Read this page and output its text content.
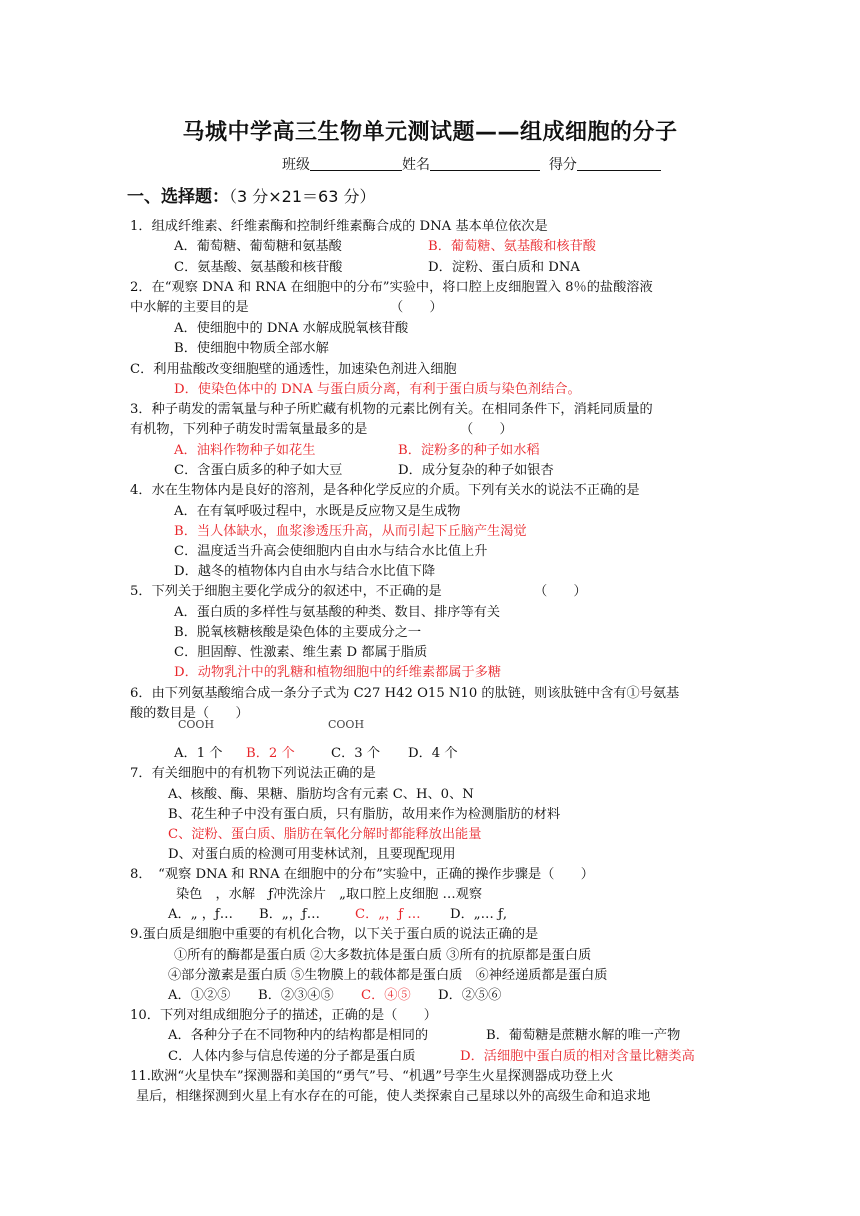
马城中学高三生物单元测试题——组成细胞的分子
班级	姓名	得分
一、选择题：（3 分×21＝63 分）
1．组成纤维素、纤维素酶和控制纤维素酶合成的 DNA 基本单位依次是
A．葡萄糖、葡萄糖和氨基酸	B．葡萄糖、氨基酸和核苷酸
C．氨基酸、氨基酸和核苷酸	D．淀粉、蛋白质和 DNA
2．在“观察 DNA 和 RNA 在细胞中的分布”实验中，将口腔上皮细胞置入 8％的盐酸溶液
中水解的主要目的是	（　　）
A．使细胞中的 DNA 水解成脱氧核苷酸
B．使细胞中物质全部水解
C．利用盐酸改变细胞壁的通透性，加速染色剂进入细胞
D．使染色体中的 DNA 与蛋白质分离，有利于蛋白质与染色剂结合。
3．种子萌发的需氧量与种子所贮藏有机物的元素比例有关。在相同条件下，消耗同质量的
有机物，下列种子萌发时需氧量最多的是	（　　）
A．油料作物种子如花生	B．淀粉多的种子如水稻
C．含蛋白质多的种子如大豆	D．成分复杂的种子如银杏
4．水在生物体内是良好的溶剂，是各种化学反应的介质。下列有关水的说法不正确的是
A．在有氧呼吸过程中，水既是反应物又是生成物
B．当人体缺水，血浆渗透压升高，从而引起下丘脑产生渴觉
C．温度适当升高会使细胞内自由水与结合水比值上升
D．越冬的植物体内自由水与结合水比值下降
5．下列关于细胞主要化学成分的叙述中，不正确的是	（　　）
A．蛋白质的多样性与氨基酸的种类、数目、排序等有关
B．脱氧核糖核酸是染色体的主要成分之一
C．胆固醇、性激素、维生素 D 都属于脂质
D．动物乳汁中的乳糖和植物细胞中的纤维素都属于多糖
6．由下列氨基酸缩合成一条分子式为 C27 H42 O15 N10 的肽链，则该肽链中含有①号氨基
酸的数目是（　　）
COOH	COOH
A．1 个 B．2 个	C．3 个 D．4 个
7．有关细胞中的有机物下列说法正确的是
A、核酸、酶、果糖、脂肪均含有元素 C、H、0、N
B、花生种子中没有蛋白质，只有脂肪，故用来作为检测脂肪的材料
C、淀粉、蛋白质、脂肪在氧化分解时都能释放出能量
D、对蛋白质的检测可用斐林试剂，且要现配现用
8．　“观察 DNA 和 RNA 在细胞中的分布”实验中，正确的操作步骤是（　　）
染色　，水解　ƒ冲洗涂片　„取口腔上皮细胞 …观察
A．„ ，ƒ… B．„，ƒ…	C．„，ƒ … D．„… ƒ,
9.蛋白质是细胞中重要的有机化合物，以下关于蛋白质的说法正确的是
①所有的酶都是蛋白质 ②大多数抗体是蛋白质 ③所有的抗原都是蛋白质
④部分激素是蛋白质 ⑤生物膜上的载体都是蛋白质　⑥神经递质都是蛋白质
A．①②⑤ B．②③④⑤ C．④⑤ D．②⑤⑥
10．下列对组成细胞分子的描述，正确的是（　　）
A．各种分子在不同物种内的结构都是相同的	B．葡萄糖是蔗糖水解的唯一产物
C．人体内参与信息传递的分子都是蛋白质	D．活细胞中蛋白质的相对含量比糖类高
11.欧洲“火星快车”探测器和美国的“勇气”号、“机遇”号孪生火星探测器成功登上火
星后，相继探测到火星上有水存在的可能，使人类探索自己星球以外的高级生命和追求地
